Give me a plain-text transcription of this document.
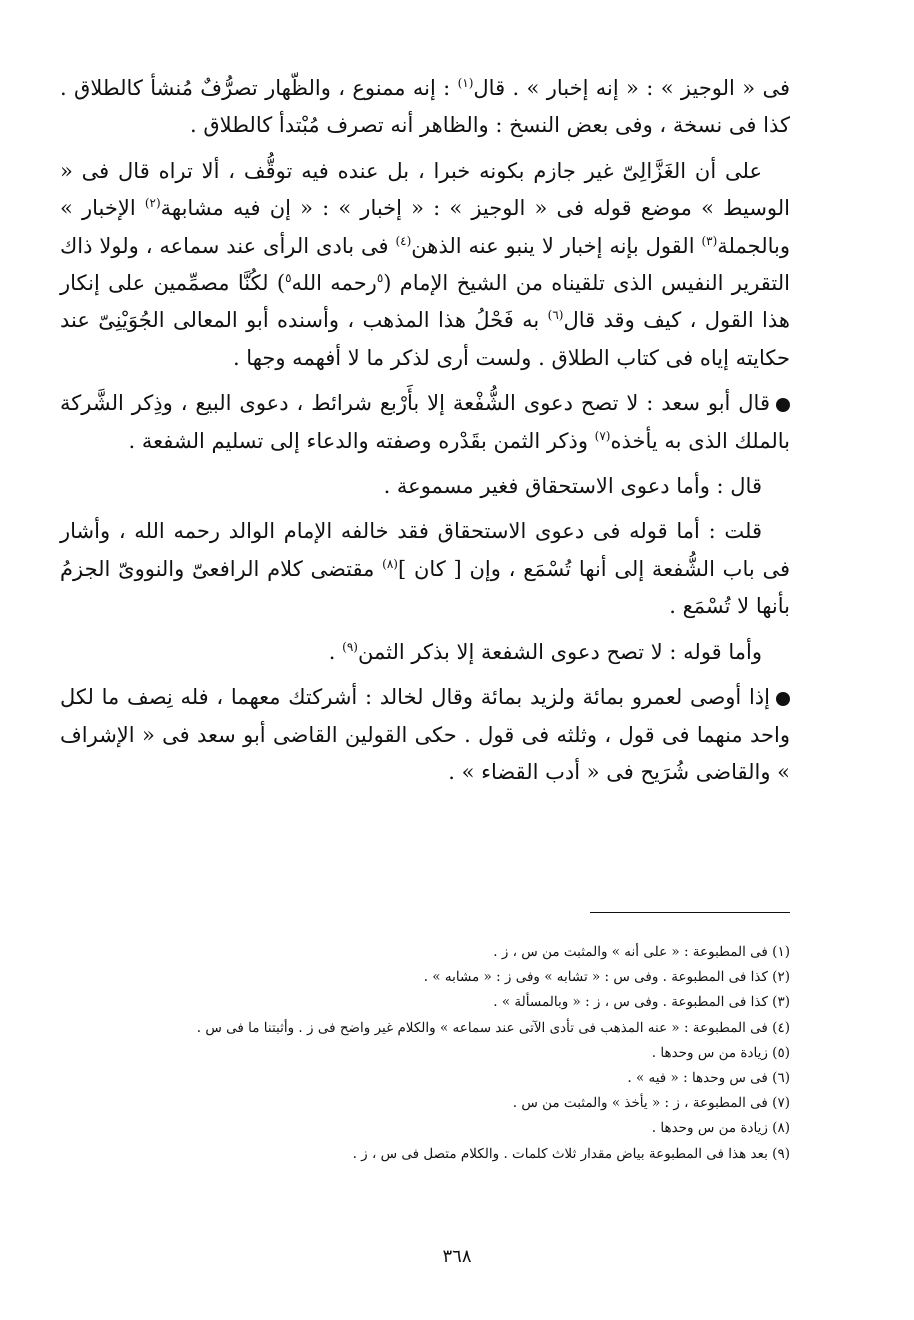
فى « الوجيز » : « إنه إخبار » . قال$^{(١)}$ : إنه ممنوع ، والظّهار تصرُّفٌ مُنشأ كالطلاق . كذا فى نسخة ، وفى بعض النسخ : والظاهر أنه تصرف مُبْتدأ كالطلاق .

على أن الغَزَّالِىّ غير جازم بكونه خبرا ، بل عنده فيه توقُّف ، ألا تراه قال فى « الوسيط » موضع قوله فى « الوجيز » : « إخبار » : « إن فيه مشابهة$^{(٢)}$ الإخبار » وبالجملة$^{(٣)}$ القول بإنه إخبار لا ينبو عنه الذهن$^{(٤)}$ فى بادى الرأى عند سماعه ، ولولا ذاك التقرير النفيس الذى تلقيناه من الشيخ الإمام ($^٥$رحمه الله$^٥$) لكُنَّا مصمِّمين على إنكار هذا القول ، كيف وقد قال$^{(٦)}$ به فَحْلُ هذا المذهب ، وأسنده أبو المعالى الجُوَيْنِىّ عند حكايته إياه فى كتاب الطلاق . ولست أرى لذكر ما لا أفهمه وجها .

قال أبو سعد : لا تصح دعوى الشُّفْعة إلا بأَرْبع شرائط ، دعوى البيع ، وذِكر الشَّركة بالملك الذى به يأخذه$^{(٧)}$ وذكر الثمن بقَدْره وصفته والدعاء إلى تسليم الشفعة .

قال : وأما دعوى الاستحقاق فغير مسموعة .

قلت : أما قوله فى دعوى الاستحقاق فقد خالفه الإمام الوالد رحمه الله ، وأشار فى باب الشُّفعة إلى أنها تُسْمَع ، وإن [ كان ]$^{(٨)}$ مقتضى كلام الرافعىّ والنووىّ الجزمُ بأنها لا تُسْمَع .

وأما قوله : لا تصح دعوى الشفعة إلا بذكر الثمن$^{(٩)}$ .

إذا أوصى لعمرو بمائة ولزيد بمائة وقال لخالد : أشركتك معهما ، فله نِصف ما لكل واحد منهما فى قول ، وثلثه فى قول . حكى القولين القاضى أبو سعد فى « الإشراف » والقاضى شُرَيح فى « أدب القضاء » .

(١) فى المطبوعة : « على أنه » والمثبت من س ، ز .

(٢) كذا فى المطبوعة . وفى س : « تشابه » وفى ز : « مشابه » .

(٣) كذا فى المطبوعة . وفى س ، ز : « وبالمسألة » .

(٤) فى المطبوعة : « عنه المذهب فى تأدى الآتى عند سماعه » والكلام غير واضح فى ز . وأثبتنا ما فى س .

(٥) زيادة من س وحدها .

(٦) فى س وحدها : « فيه » .

(٧) فى المطبوعة ، ز : « يأخذ » والمثبت من س .

(٨) زيادة من س وحدها .

(٩) بعد هذا فى المطبوعة بياض مقدار ثلاث كلمات . والكلام متصل فى س ، ز .

٣٦٨
